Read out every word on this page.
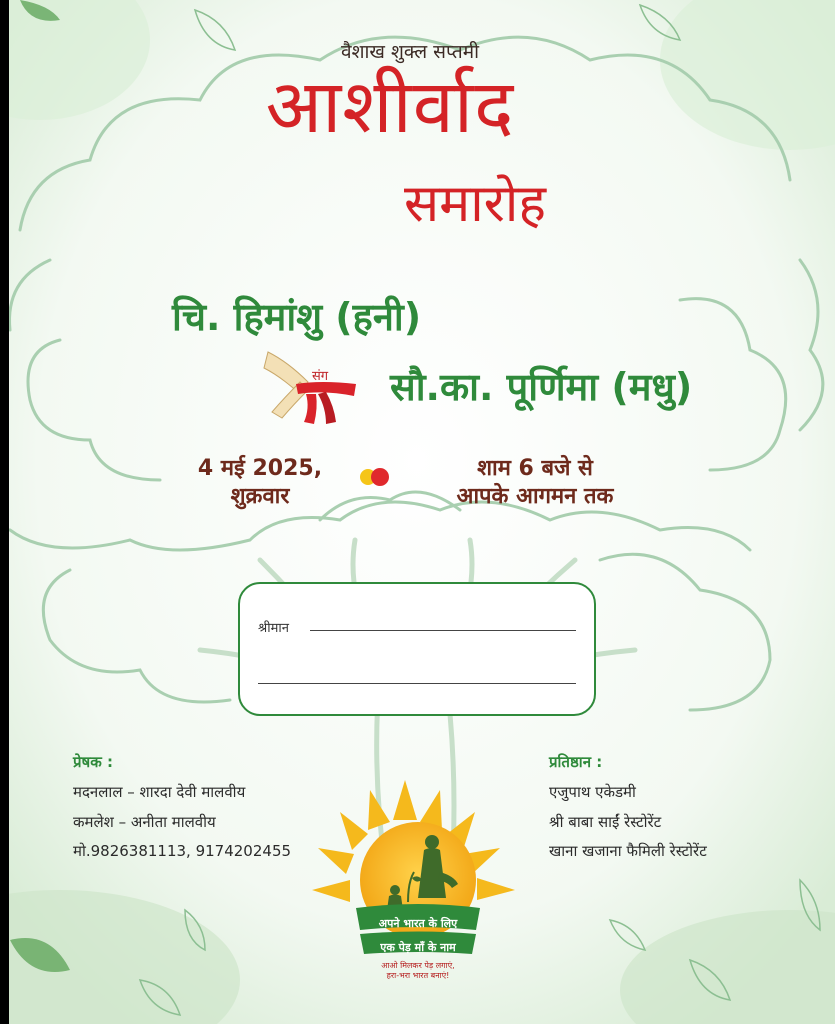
वैशाख शुक्ल सप्तमी
आशीर्वाद
समारोह
चि. हिमांशु (हनी)
संग सौ.का. पूर्णिमा (मधु)
4 मई 2025,
शुक्रवार
शाम 6 बजे से
आपके आगमन तक
श्रीमान
प्रेषक :
मदनलाल – शारदा देवी मालवीय
कमलेश – अनीता मालवीय
मो.9826381113, 9174202455
प्रतिष्ठान :
एजुपाथ एकेडमी
श्री बाबा साईं रेस्टोरेंट
खाना खजाना फैमिली रेस्टोरेंट
अपने भारत के लिए
एक पेड़ माँ के नाम
आओ मिलकर पेड़ लगाएं,
हरा-भरा भारत बनाएं!
